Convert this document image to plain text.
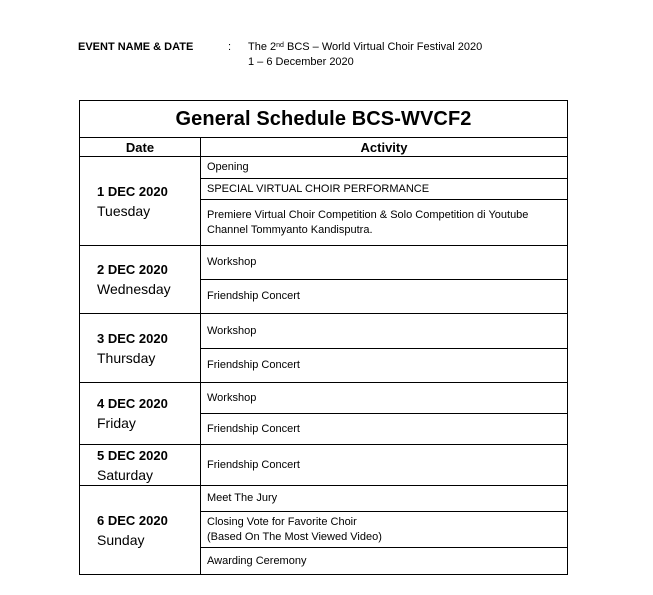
EVENT NAME & DATE	: The 2nd BCS – World Virtual Choir Festival 2020
1 – 6 December 2020
General Schedule BCS-WVCF2	
Date	Activity

1 DEC 2020
Tuesday	Opening
	SPECIAL VIRTUAL CHOIR PERFORMANCE
	Premiere Virtual Choir Competition & Solo Competition di Youtube Channel Tommyanto Kandisputra.

2 DEC 2020
Wednesday	Workshop
	Friendship Concert

3 DEC 2020
Thursday	Workshop
	Friendship Concert

4 DEC 2020
Friday	Workshop
	Friendship Concert

5 DEC 2020
Saturday	Friendship Concert

6 DEC 2020
Sunday	Meet The Jury
	Closing Vote for Favorite Choir
(Based On The Most Viewed Video)
	Awarding Ceremony
